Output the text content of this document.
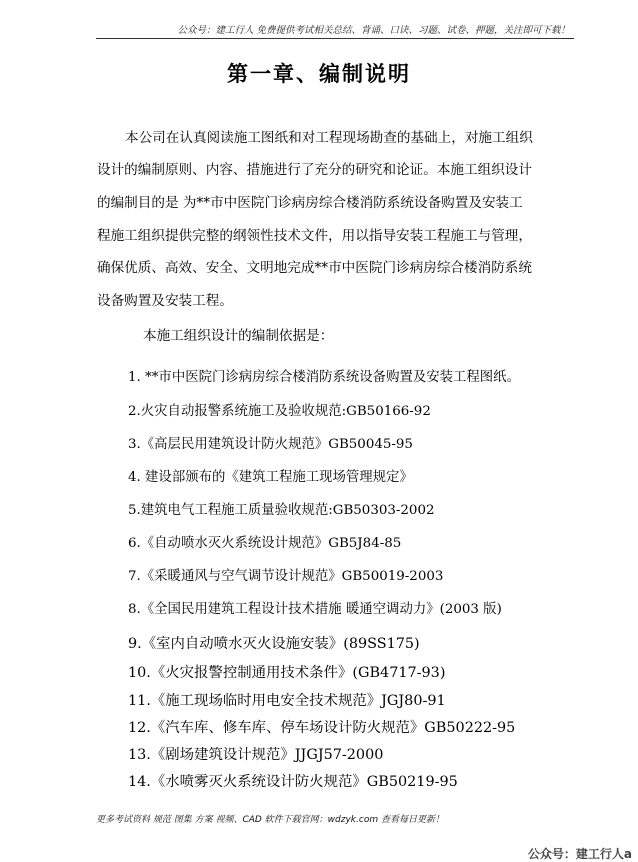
公众号：建工行人 免费提供考试相关总结、背诵、口诀、习题、试卷、押题，关注即可下载！
第一章、编制说明
本公司在认真阅读施工图纸和对工程现场勘查的基础上，对施工组织
设计的编制原则、内容、措施进行了充分的研究和论证。本施工组织设计
的编制目的是 为**市中医院门诊病房综合楼消防系统设备购置及安装工
程施工组织提供完整的纲领性技术文件，用以指导安装工程施工与管理，
确保优质、高效、安全、文明地完成**市中医院门诊病房综合楼消防系统
设备购置及安装工程。
本施工组织设计的编制依据是：
1. **市中医院门诊病房综合楼消防系统设备购置及安装工程图纸。
2.火灾自动报警系统施工及验收规范:GB50166-92
3.《高层民用建筑设计防火规范》GB50045-95
4. 建设部颁布的《建筑工程施工现场管理规定》
5.建筑电气工程施工质量验收规范:GB50303-2002
6.《自动喷水灭火系统设计规范》GB5J84-85
7.《采暖通风与空气调节设计规范》GB50019-2003
8.《全国民用建筑工程设计技术措施 暖通空调动力》(2003 版)
9.《室内自动喷水灭火设施安装》(89SS175)
10.《火灾报警控制通用技术条件》(GB4717-93)
11.《施工现场临时用电安全技术规范》JGJ80-91
12.《汽车库、修车库、停车场设计防火规范》GB50222-95
13.《剧场建筑设计规范》JJGJ57-2000
14.《水喷雾灭火系统设计防火规范》GB50219-95
更多考试资料 规范 图集 方案 视频、CAD 软件下载官网：wdzyk.com 查看每日更新！
公众号：建工行人a
